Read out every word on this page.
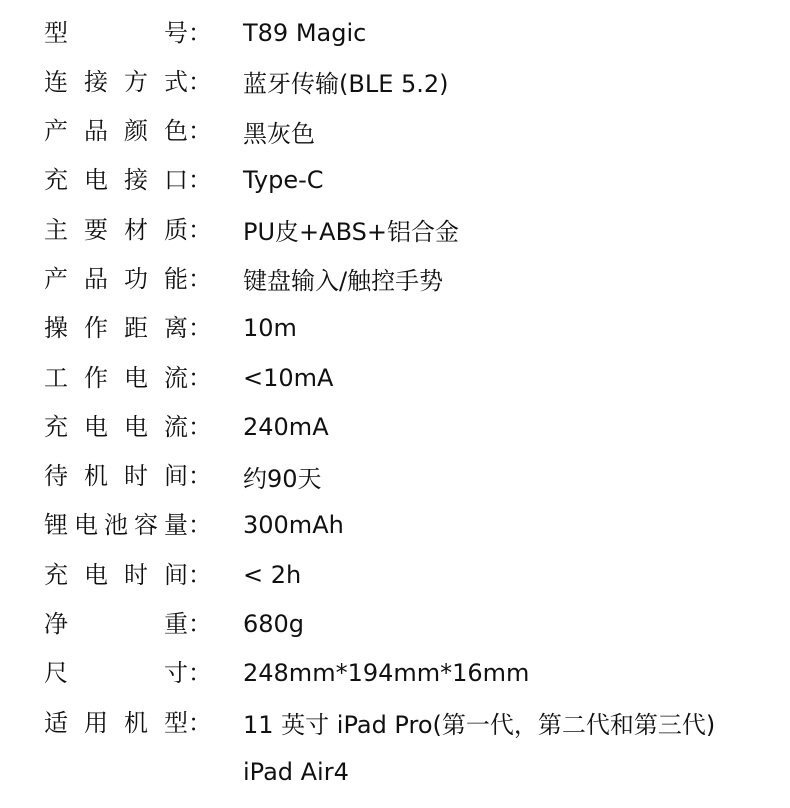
型	号： T89 Magic
连 接 方 式： 蓝牙传输(BLE 5.2)
产 品 颜 色： 黑灰色
充 电 接 口： Type-C
主 要 材 质： PU皮+ABS+铝合金
产 品 功 能： 键盘输入/触控手势
操 作 距 离： 10m
工 作 电 流： <10mA
充 电 电 流： 240mA
待 机 时 间： 约90天
锂 电 池 容 量： 300mAh
充 电 时 间： < 2h
净	重： 680g
尺	寸： 248mm*194mm*16mm
适 用 机 型： 11 英寸 iPad Pro(第一代，第二代和第三代)
iPad Air4
